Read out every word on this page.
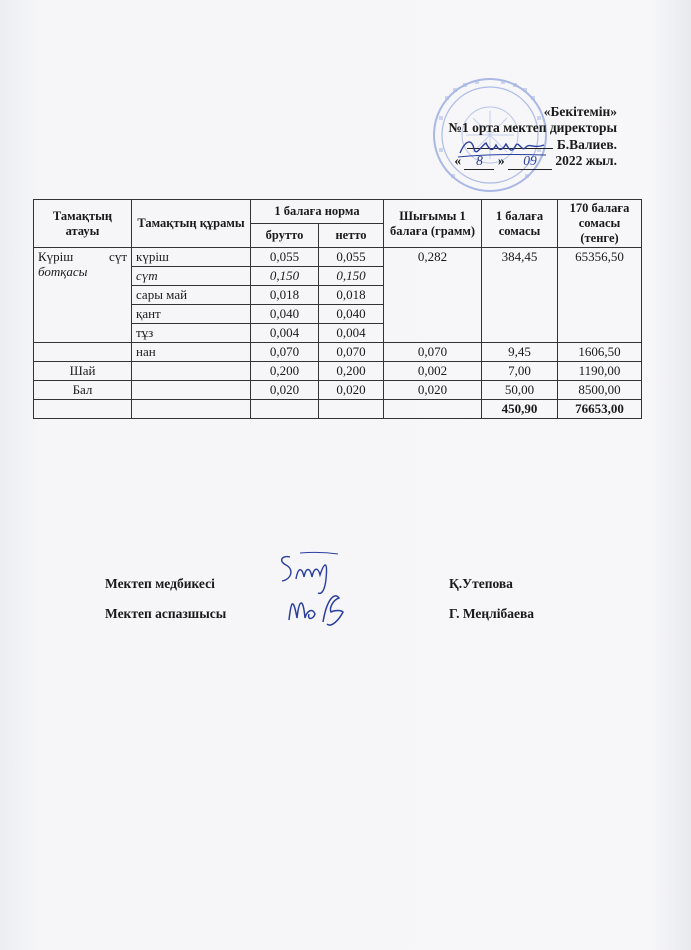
«Бекітемін»
№1 орта мектеп директоры
Б.Валиев.
« 8 » 09 2022 жыл.
Тамақтың атауы	Тамақтың құрамы	1 балаға норма		Шығымы 1 балаға (грамм)	1 балаға сомасы	170 балаға сомасы (тенге)
		брутто	нетто			

Күріш сүт
ботқасы	күріш	0,055	0,055	0,282	384,45	65356,50
	сүт	0,150	0,150			
	сары май	0,018	0,018			
	қант	0,040	0,040			
	тұз	0,004	0,004			
	нан	0,070	0,070	0,070	9,45	1606,50
Шай		0,200	0,200	0,002	7,00	1190,00
Бал		0,020	0,020	0,020	50,00	8500,00
					450,90	76653,00
Мектеп медбикесі	Қ.Утепова
Мектеп аспазшысы	Г. Меңлібаева
